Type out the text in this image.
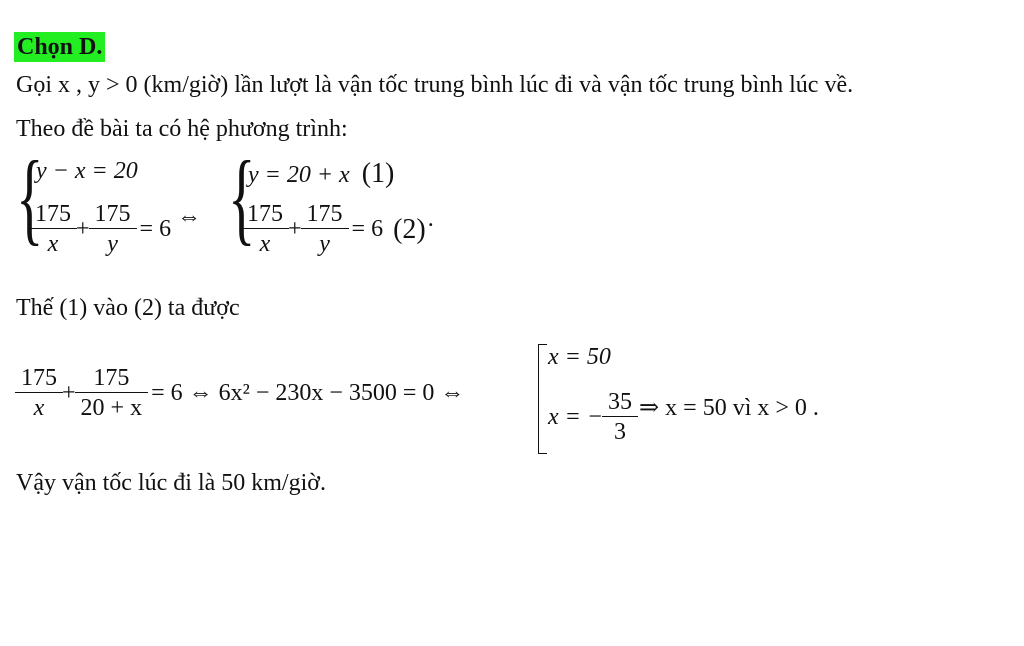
Chọn D.
Gọi x , y > 0 (km/giờ) lần lượt là vận tốc trung bình lúc đi và vận tốc trung bình lúc về.
Theo đề bài ta có hệ phương trình:
{
y − x = 20
$\frac{175}{x} + \frac{175}{y} = 6$ ⇔ {
y = 20 + x (1)
$\frac{175}{x} + \frac{175}{y} = 6$ (2) .
Thế (1) vào (2) ta được
$\frac{175}{x} + \frac{175}{20 + x} = 6$ ⇔ 6x² − 230x − 3500 = 0 ⇔
x = 50
x = − $\frac{35}{3}$ ⇒ x = 50 vì x > 0 .
Vậy vận tốc lúc đi là 50 km/giờ.
